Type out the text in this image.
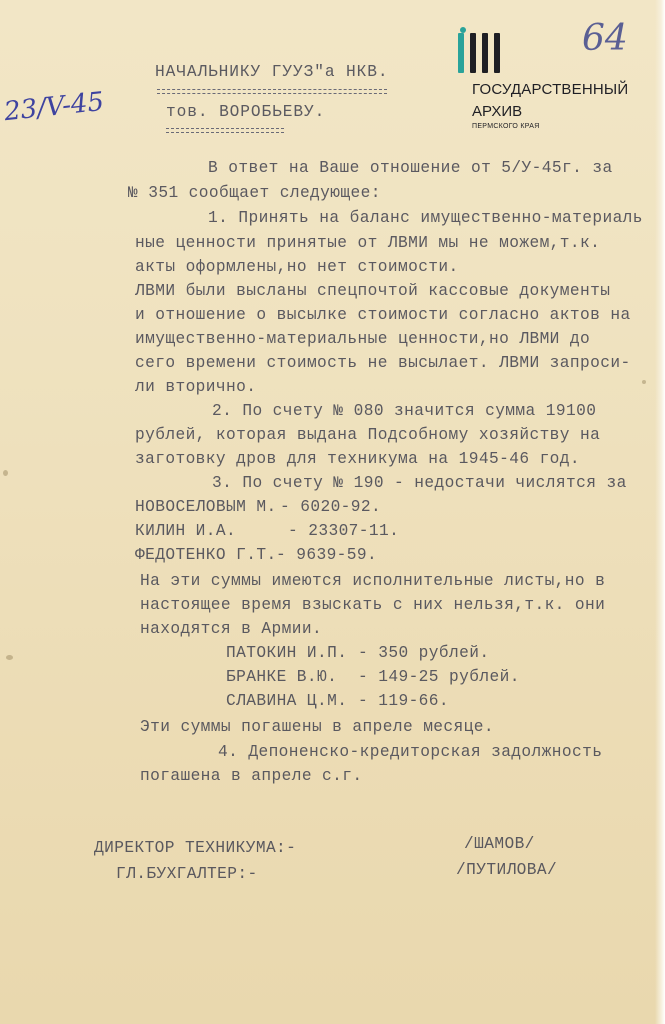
64
23/V-45	ГОСУДАРСТВЕННЫЙ
АРХИВ
ПЕРМСКОГО КРАЯ
НАЧАЛЬНИКУ ГУУЗ"а НКВ.
тов. ВОРОБЬЕВУ.
В ответ на Ваше отношение от 5/У-45г. за
№ 351 сообщает следующее:
1. Принять на баланс имущественно-материаль
ные ценности принятые от ЛВМИ мы не можем,т.к.
акты оформлены,но нет стоимости.
ЛВМИ были высланы спецпочтой кассовые документы
и отношение о высылке стоимости согласно актов на
имущественно-материальные ценности,но ЛВМИ до
сего времени стоимость не высылает. ЛВМИ запроси-
ли вторично.
2. По счету № 080 значится сумма 19100
рублей, которая выдана Подсобному хозяйству на
заготовку дров для техникума на 1945-46 год.
3. По счету № 190 - недостачи числятся за
НОВОСЕЛОВЫМ М. - 6020-92.
КИЛИН И.А.	- 23307-11.
ФЕДОТЕНКО Г.Т. - 9639-59.
На эти суммы имеются исполнительные листы,но в
настоящее время взыскать с них нельзя,т.к. они
находятся в Армии.
ПАТОКИН И.П. - 350 рублей.
БРАНКЕ В.Ю. - 149-25 рублей.
СЛАВИНА Ц.М. - 119-66.
Эти суммы погашены в апреле месяце.
4. Депоненско-кредиторская задолжность
погашена в апреле с.г.
ДИРЕКТОР ТЕХНИКУМА:-	/ШАМОВ/
ГЛ.БУХГАЛТЕР:-	/ПУТИЛОВА/
